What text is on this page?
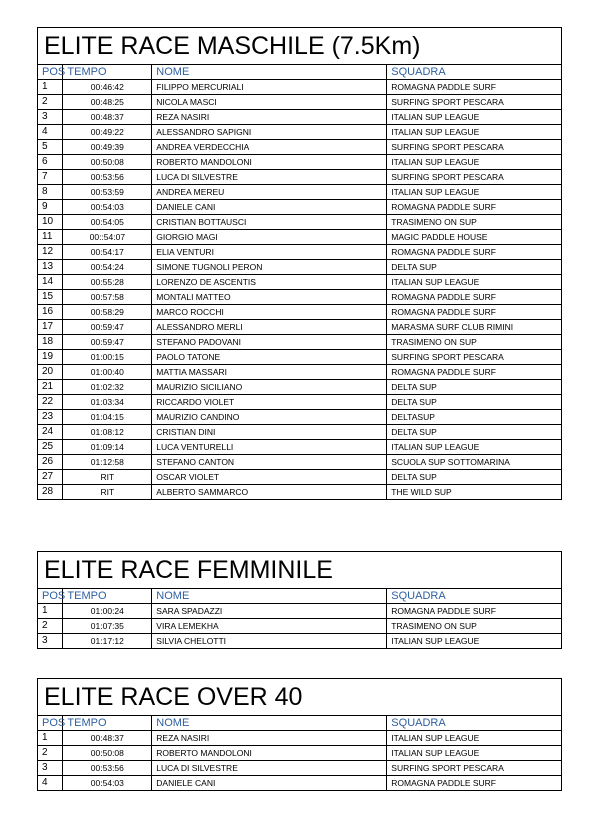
ELITE RACE MASCHILE (7.5Km)			
POS	TEMPO	NOME	SQUADRA
1	00:46:42	FILIPPO MERCURIALI	ROMAGNA PADDLE SURF
2	00:48:25	NICOLA MASCI	SURFING SPORT PESCARA
3	00:48:37	REZA NASIRI	ITALIAN SUP LEAGUE
4	00:49:22	ALESSANDRO SAPIGNI	ITALIAN SUP LEAGUE
5	00:49:39	ANDREA VERDECCHIA	SURFING SPORT PESCARA
6	00:50:08	ROBERTO MANDOLONI	ITALIAN SUP LEAGUE
7	00:53:56	LUCA DI SILVESTRE	SURFING SPORT PESCARA
8	00:53:59	ANDREA MEREU	ITALIAN SUP LEAGUE
9	00:54:03	DANIELE CANI	ROMAGNA PADDLE SURF
10	00:54:05	CRISTIAN BOTTAUSCI	TRASIMENO ON SUP
11	00::54:07	GIORGIO MAGI	MAGIC PADDLE HOUSE
12	00:54:17	ELIA VENTURI	ROMAGNA PADDLE SURF
13	00:54:24	SIMONE TUGNOLI PERON	DELTA SUP
14	00:55:28	LORENZO DE ASCENTIS	ITALIAN SUP LEAGUE
15	00:57:58	MONTALI MATTEO	ROMAGNA PADDLE SURF
16	00:58:29	MARCO ROCCHI	ROMAGNA PADDLE SURF
17	00:59:47	ALESSANDRO MERLI	MARASMA SURF CLUB RIMINI
18	00:59:47	STEFANO PADOVANI	TRASIMENO ON SUP
19	01:00:15	PAOLO TATONE	SURFING SPORT PESCARA
20	01:00:40	MATTIA MASSARI	ROMAGNA PADDLE SURF
21	01:02:32	MAURIZIO SICILIANO	DELTA SUP
22	01:03:34	RICCARDO VIOLET	DELTA SUP
23	01:04:15	MAURIZIO CANDINO	DELTASUP
24	01:08:12	CRISTIAN DINI	DELTA SUP
25	01:09:14	LUCA VENTURELLI	ITALIAN SUP LEAGUE
26	01:12:58	STEFANO CANTON	SCUOLA SUP SOTTOMARINA
27	RIT	OSCAR VIOLET	DELTA SUP
28	RIT	ALBERTO SAMMARCO	THE WILD SUP
ELITE RACE FEMMINILE			
POS	TEMPO	NOME	SQUADRA
1	01:00:24	SARA SPADAZZI	ROMAGNA PADDLE SURF
2	01:07:35	VIRA LEMEKHA	TRASIMENO ON SUP
3	01:17:12	SILVIA CHELOTTI	ITALIAN SUP LEAGUE
ELITE RACE OVER 40			
POS	TEMPO	NOME	SQUADRA
1	00:48:37	REZA NASIRI	ITALIAN SUP LEAGUE
2	00:50:08	ROBERTO MANDOLONI	ITALIAN SUP LEAGUE
3	00:53:56	LUCA DI SILVESTRE	SURFING SPORT PESCARA
4	00:54:03	DANIELE CANI	ROMAGNA PADDLE SURF
